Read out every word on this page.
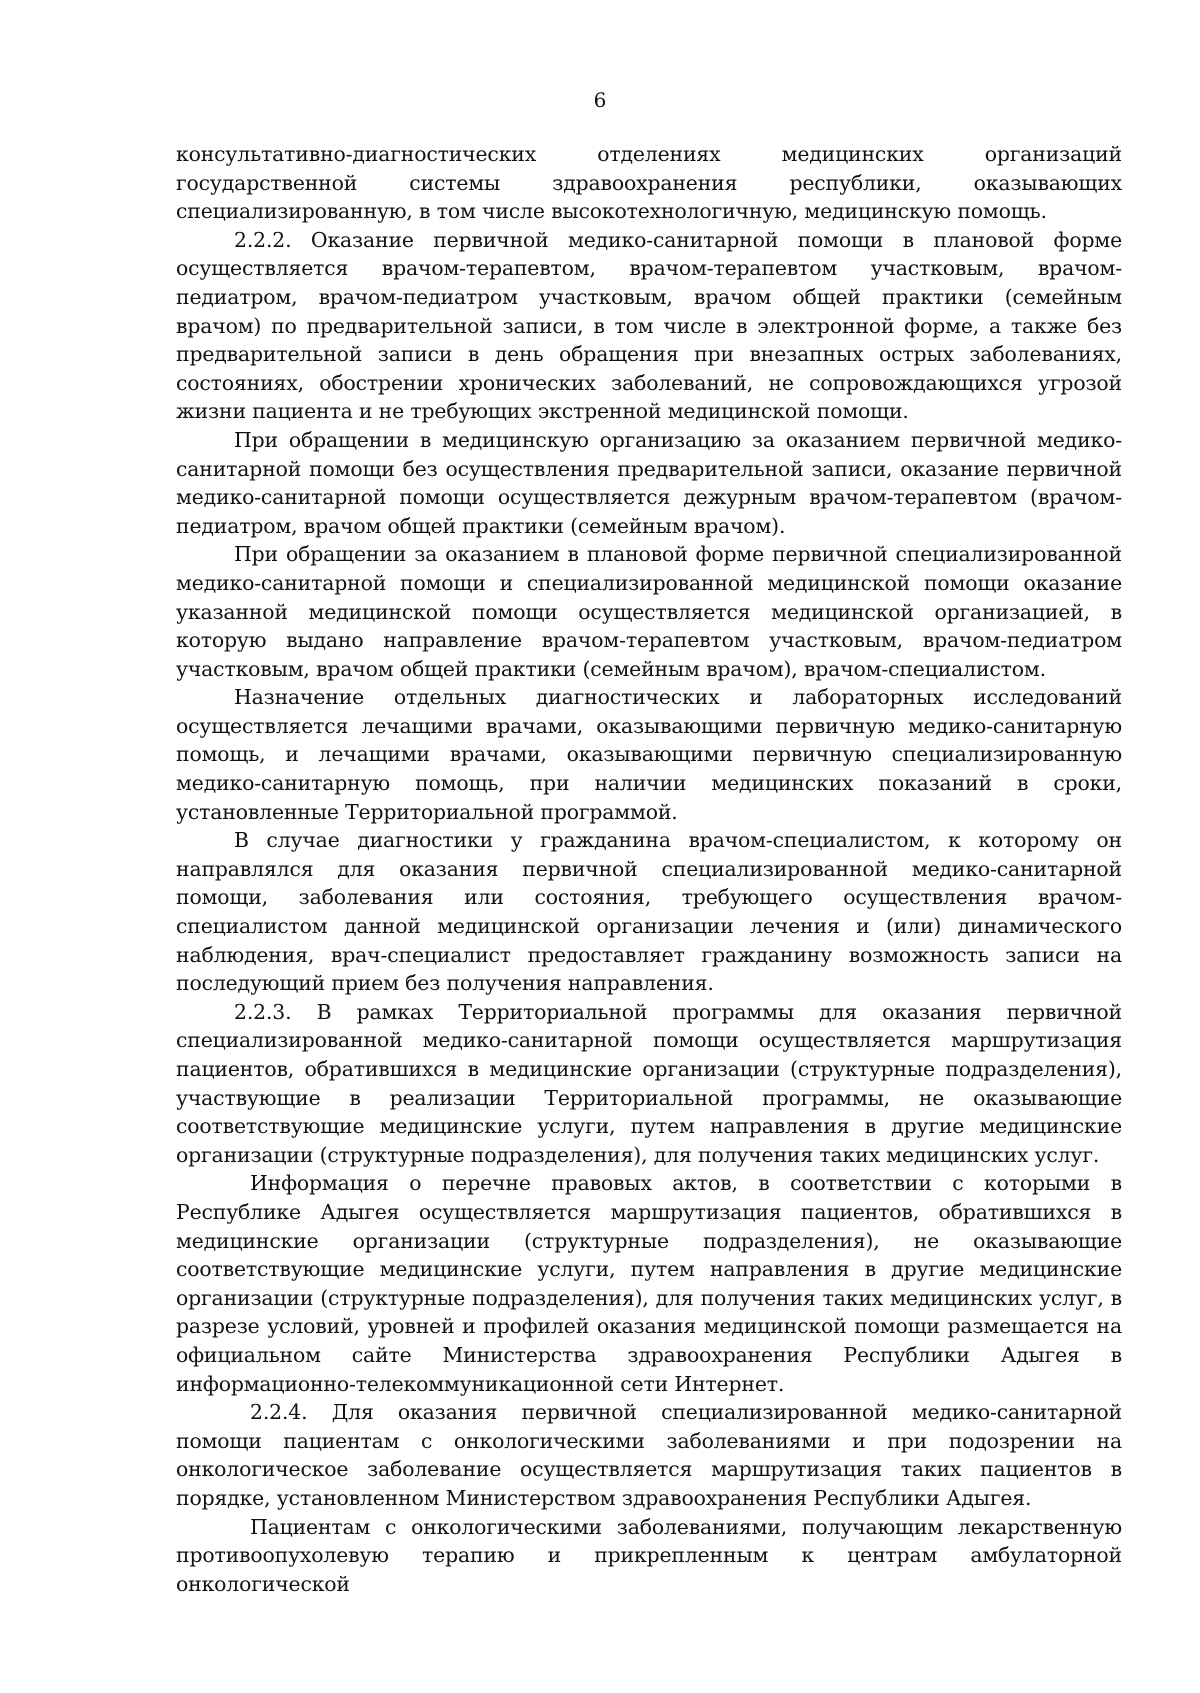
6

консультативно-диагностических отделениях медицинских организаций государственной системы здравоохранения республики, оказывающих специализированную, в том числе высокотехнологичную, медицинскую помощь.

2.2.2. Оказание первичной медико-санитарной помощи в плановой форме осуществляется врачом-терапевтом, врачом-терапевтом участковым, врачом-педиатром, врачом-педиатром участковым, врачом общей практики (семейным врачом) по предварительной записи, в том числе в электронной форме, а также без предварительной записи в день обращения при внезапных острых заболеваниях, состояниях, обострении хронических заболеваний, не сопровождающихся угрозой жизни пациента и не требующих экстренной медицинской помощи.

При обращении в медицинскую организацию за оказанием первичной медико-санитарной помощи без осуществления предварительной записи, оказание первичной медико-санитарной помощи осуществляется дежурным врачом-терапевтом (врачом-педиатром, врачом общей практики (семейным врачом).

При обращении за оказанием в плановой форме первичной специализированной медико-санитарной помощи и специализированной медицинской помощи оказание указанной медицинской помощи осуществляется медицинской организацией, в которую выдано направление врачом-терапевтом участковым, врачом-педиатром участковым, врачом общей практики (семейным врачом), врачом-специалистом.

Назначение отдельных диагностических и лабораторных исследований осуществляется лечащими врачами, оказывающими первичную медико-санитарную помощь, и лечащими врачами, оказывающими первичную специализированную медико-санитарную помощь, при наличии медицинских показаний в сроки, установленные Территориальной программой.

В случае диагностики у гражданина врачом-специалистом, к которому он направлялся для оказания первичной специализированной медико-санитарной помощи, заболевания или состояния, требующего осуществления врачом-специалистом данной медицинской организации лечения и (или) динамического наблюдения, врач-специалист предоставляет гражданину возможность записи на последующий прием без получения направления.

2.2.3. В рамках Территориальной программы для оказания первичной специализированной медико-санитарной помощи осуществляется маршрутизация пациентов, обратившихся в медицинские организации (структурные подразделения), участвующие в реализации Территориальной программы, не оказывающие соответствующие медицинские услуги, путем направления в другие медицинские организации (структурные подразделения), для получения таких медицинских услуг.

Информация о перечне правовых актов, в соответствии с которыми в Республике Адыгея осуществляется маршрутизация пациентов, обратившихся в медицинские организации (структурные подразделения), не оказывающие соответствующие медицинские услуги, путем направления в другие медицинские организации (структурные подразделения), для получения таких медицинских услуг, в разрезе условий, уровней и профилей оказания медицинской помощи размещается на официальном сайте Министерства здравоохранения Республики Адыгея в информационно-телекоммуникационной сети Интернет.

2.2.4. Для оказания первичной специализированной медико-санитарной помощи пациентам с онкологическими заболеваниями и при подозрении на онкологическое заболевание осуществляется маршрутизация таких пациентов в порядке, установленном Министерством здравоохранения Республики Адыгея.

Пациентам с онкологическими заболеваниями, получающим лекарственную противоопухолевую терапию и прикрепленным к центрам амбулаторной онкологической
